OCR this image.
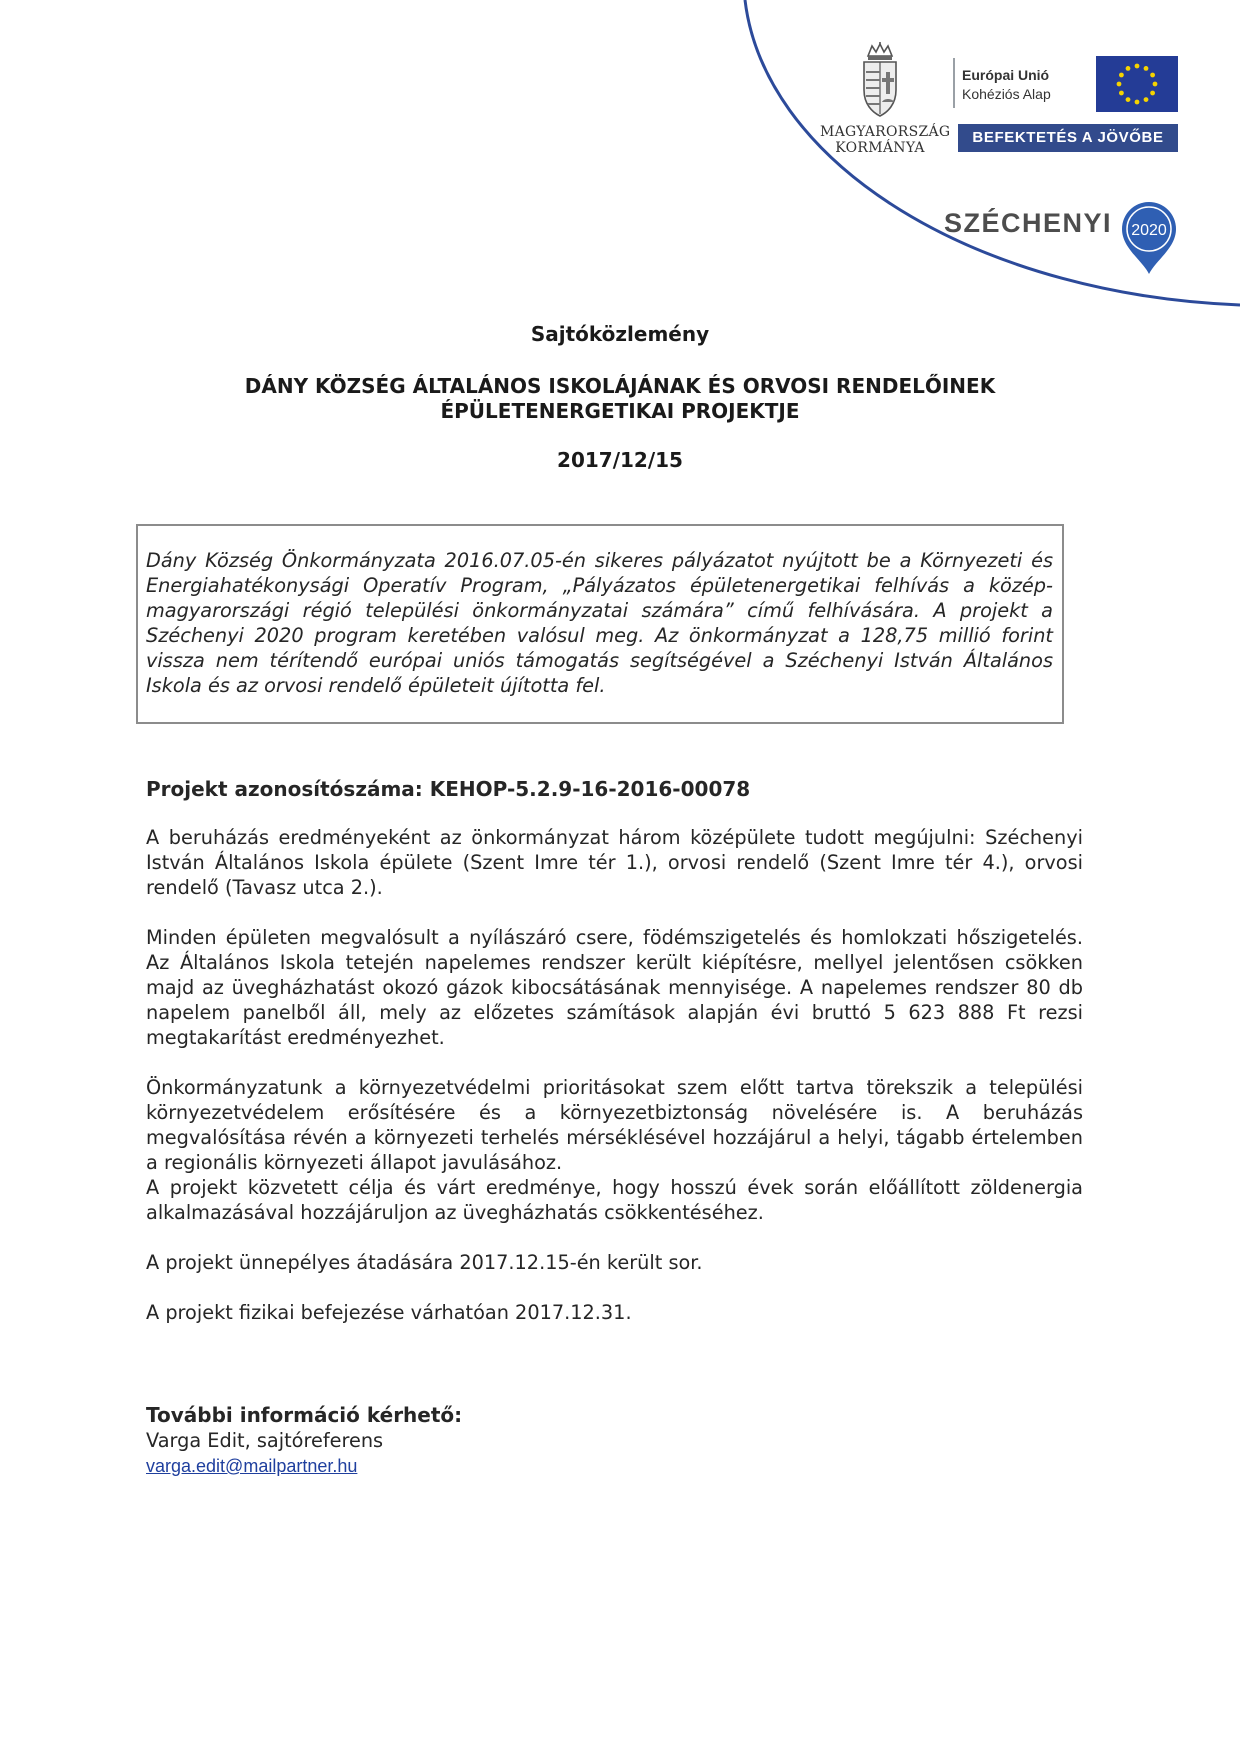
MAGYARORSZÁG
KORMÁNYA
Európai Unió
Kohéziós Alap
BEFEKTETÉS A JÖVŐBE
SZÉCHENYI 2020
Sajtóközlemény
DÁNY KÖZSÉG ÁLTALÁNOS ISKOLÁJÁNAK ÉS ORVOSI RENDELŐINEK
ÉPÜLETENERGETIKAI PROJEKTJE
2017/12/15

Dány Község Önkormányzata 2016.07.05-én sikeres pályázatot nyújtott be a Környezeti és Energiahatékonysági Operatív Program, „Pályázatos épületenergetikai felhívás a közép-magyarországi régió települési önkormányzatai számára” című felhívására. A projekt a Széchenyi 2020 program keretében valósul meg. Az önkormányzat a 128,75 millió forint vissza nem térítendő európai uniós támogatás segítségével a Széchenyi István Általános Iskola és az orvosi rendelő épületeit újította fel.

Projekt azonosítószáma: KEHOP-5.2.9-16-2016-00078

A beruházás eredményeként az önkormányzat három középülete tudott megújulni: Széchenyi István Általános Iskola épülete (Szent Imre tér 1.), orvosi rendelő (Szent Imre tér 4.), orvosi rendelő (Tavasz utca 2.).

Minden épületen megvalósult a nyílászáró csere, födémszigetelés és homlokzati hőszigetelés. Az Általános Iskola tetején napelemes rendszer került kiépítésre, mellyel jelentősen csökken majd az üvegházhatást okozó gázok kibocsátásának mennyisége. A napelemes rendszer 80 db napelem panelből áll, mely az előzetes számítások alapján évi bruttó 5 623 888 Ft rezsi megtakarítást eredményezhet.

Önkormányzatunk a környezetvédelmi prioritásokat szem előtt tartva törekszik a települési környezetvédelem erősítésére és a környezetbiztonság növelésére is. A beruházás megvalósítása révén a környezeti terhelés mérséklésével hozzájárul a helyi, tágabb értelemben a regionális környezeti állapot javulásához.
A projekt közvetett célja és várt eredménye, hogy hosszú évek során előállított zöldenergia alkalmazásával hozzájáruljon az üvegházhatás csökkentéséhez.

A projekt ünnepélyes átadására 2017.12.15-én került sor.

A projekt fizikai befejezése várhatóan 2017.12.31.

További információ kérhető:

Varga Edit, sajtóreferens

varga.edit@mailpartner.hu
